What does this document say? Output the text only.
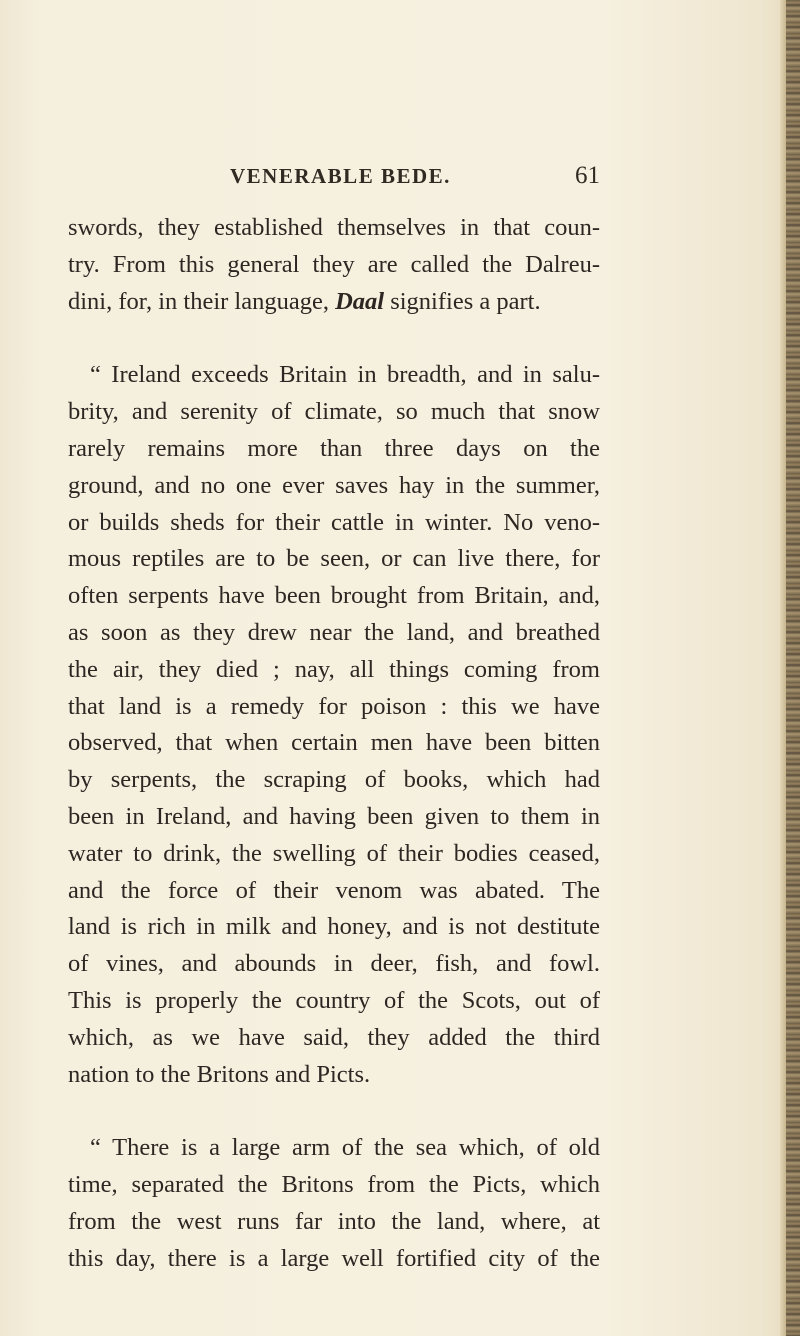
VENERABLE BEDE.	61
swords, they established themselves in that coun-
try. From this general they are called the Dalreu-
dini, for, in their language, Daal signifies a part.
“ Ireland exceeds Britain in breadth, and in salu-
brity, and serenity of climate, so much that snow
rarely remains more than three days on the
ground, and no one ever saves hay in the summer,
or builds sheds for their cattle in winter. No veno-
mous reptiles are to be seen, or can live there, for
often serpents have been brought from Britain, and,
as soon as they drew near the land, and breathed
the air, they died ; nay, all things coming from
that land is a remedy for poison : this we have
observed, that when certain men have been bitten
by serpents, the scraping of books, which had
been in Ireland, and having been given to them in
water to drink, the swelling of their bodies ceased,
and the force of their venom was abated. The
land is rich in milk and honey, and is not destitute
of vines, and abounds in deer, fish, and fowl.
This is properly the country of the Scots, out of
which, as we have said, they added the third
nation to the Britons and Picts.
“ There is a large arm of the sea which, of old
time, separated the Britons from the Picts, which
from the west runs far into the land, where, at
this day, there is a large well fortified city of the
